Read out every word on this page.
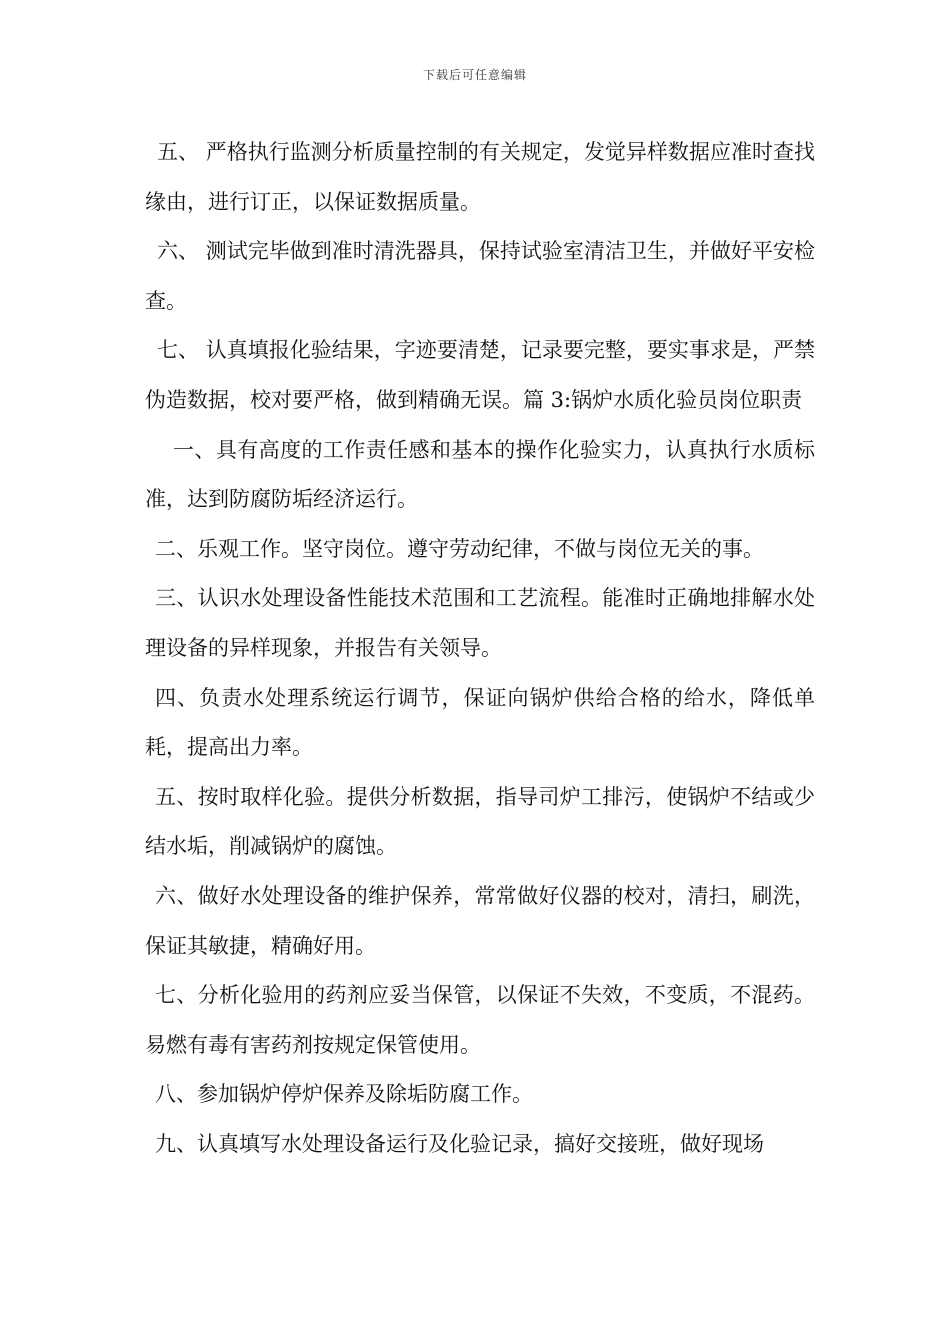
下载后可任意编辑

五、 严格执行监测分析质量控制的有关规定，发觉异样数据应准时查找缘由，进行订正，以保证数据质量。

六、 测试完毕做到准时清洗器具，保持试验室清洁卫生，并做好平安检查。

七、 认真填报化验结果，字迹要清楚，记录要完整，要实事求是，严禁伪造数据，校对要严格，做到精确无误。篇 3:锅炉水质化验员岗位职责

一、具有高度的工作责任感和基本的操作化验实力，认真执行水质标准，达到防腐防垢经济运行。

二、乐观工作。坚守岗位。遵守劳动纪律，不做与岗位无关的事。

三、认识水处理设备性能技术范围和工艺流程。能准时正确地排解水处理设备的异样现象，并报告有关领导。

四、负责水处理系统运行调节，保证向锅炉供给合格的给水，降低单耗，提高出力率。

五、按时取样化验。提供分析数据，指导司炉工排污，使锅炉不结或少结水垢，削减锅炉的腐蚀。

六、做好水处理设备的维护保养，常常做好仪器的校对，清扫，刷洗，保证其敏捷，精确好用。

七、分析化验用的药剂应妥当保管，以保证不失效，不变质，不混药。易燃有毒有害药剂按规定保管使用。

八、参加锅炉停炉保养及除垢防腐工作。

九、认真填写水处理设备运行及化验记录，搞好交接班，做好现场
